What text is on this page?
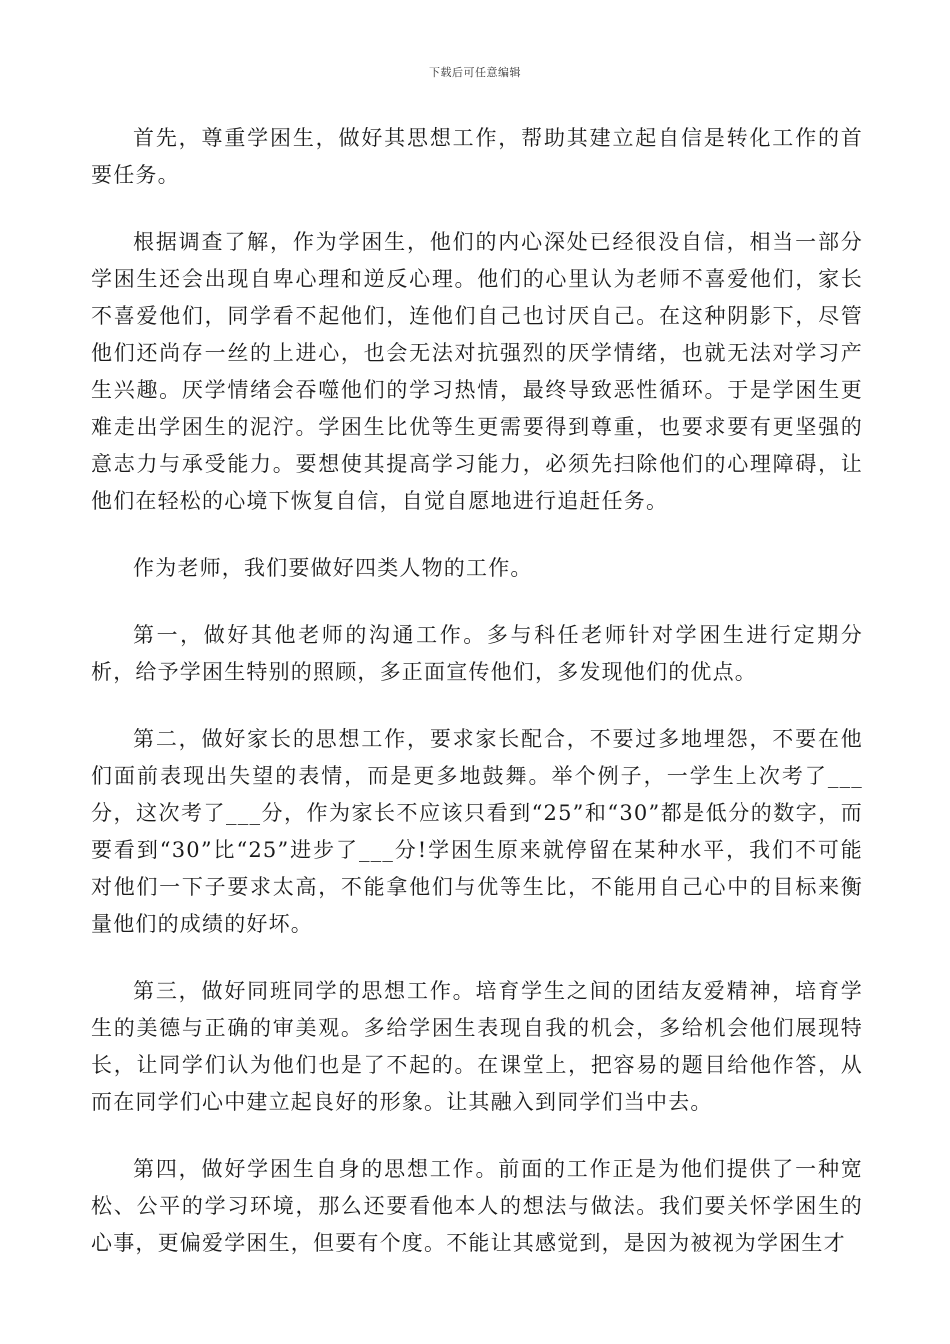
下载后可任意编辑

首先，尊重学困生，做好其思想工作，帮助其建立起自信是转化工作的首要任务。

根据调查了解，作为学困生，他们的内心深处已经很没自信，相当一部分学困生还会出现自卑心理和逆反心理。他们的心里认为老师不喜爱他们，家长不喜爱他们，同学看不起他们，连他们自己也讨厌自己。在这种阴影下，尽管他们还尚存一丝的上进心，也会无法对抗强烈的厌学情绪，也就无法对学习产生兴趣。厌学情绪会吞噬他们的学习热情，最终导致恶性循环。于是学困生更难走出学困生的泥泞。学困生比优等生更需要得到尊重，也要求要有更坚强的意志力与承受能力。要想使其提高学习能力，必须先扫除他们的心理障碍，让他们在轻松的心境下恢复自信，自觉自愿地进行追赶任务。

作为老师，我们要做好四类人物的工作。

第一，做好其他老师的沟通工作。多与科任老师针对学困生进行定期分析，给予学困生特别的照顾，多正面宣传他们，多发现他们的优点。

第二，做好家长的思想工作，要求家长配合，不要过多地埋怨，不要在他们面前表现出失望的表情，而是更多地鼓舞。举个例子，一学生上次考了___分，这次考了___分，作为家长不应该只看到“25”和“30”都是低分的数字，而要看到“30”比“25”进步了___分!学困生原来就停留在某种水平，我们不可能对他们一下子要求太高，不能拿他们与优等生比，不能用自己心中的目标来衡量他们的成绩的好坏。

第三，做好同班同学的思想工作。培育学生之间的团结友爱精神，培育学生的美德与正确的审美观。多给学困生表现自我的机会，多给机会他们展现特长，让同学们认为他们也是了不起的。在课堂上，把容易的题目给他作答，从而在同学们心中建立起良好的形象。让其融入到同学们当中去。

第四，做好学困生自身的思想工作。前面的工作正是为他们提供了一种宽松、公平的学习环境，那么还要看他本人的想法与做法。我们要关怀学困生的心事，更偏爱学困生，但要有个度。不能让其感觉到，是因为被视为学困生才
